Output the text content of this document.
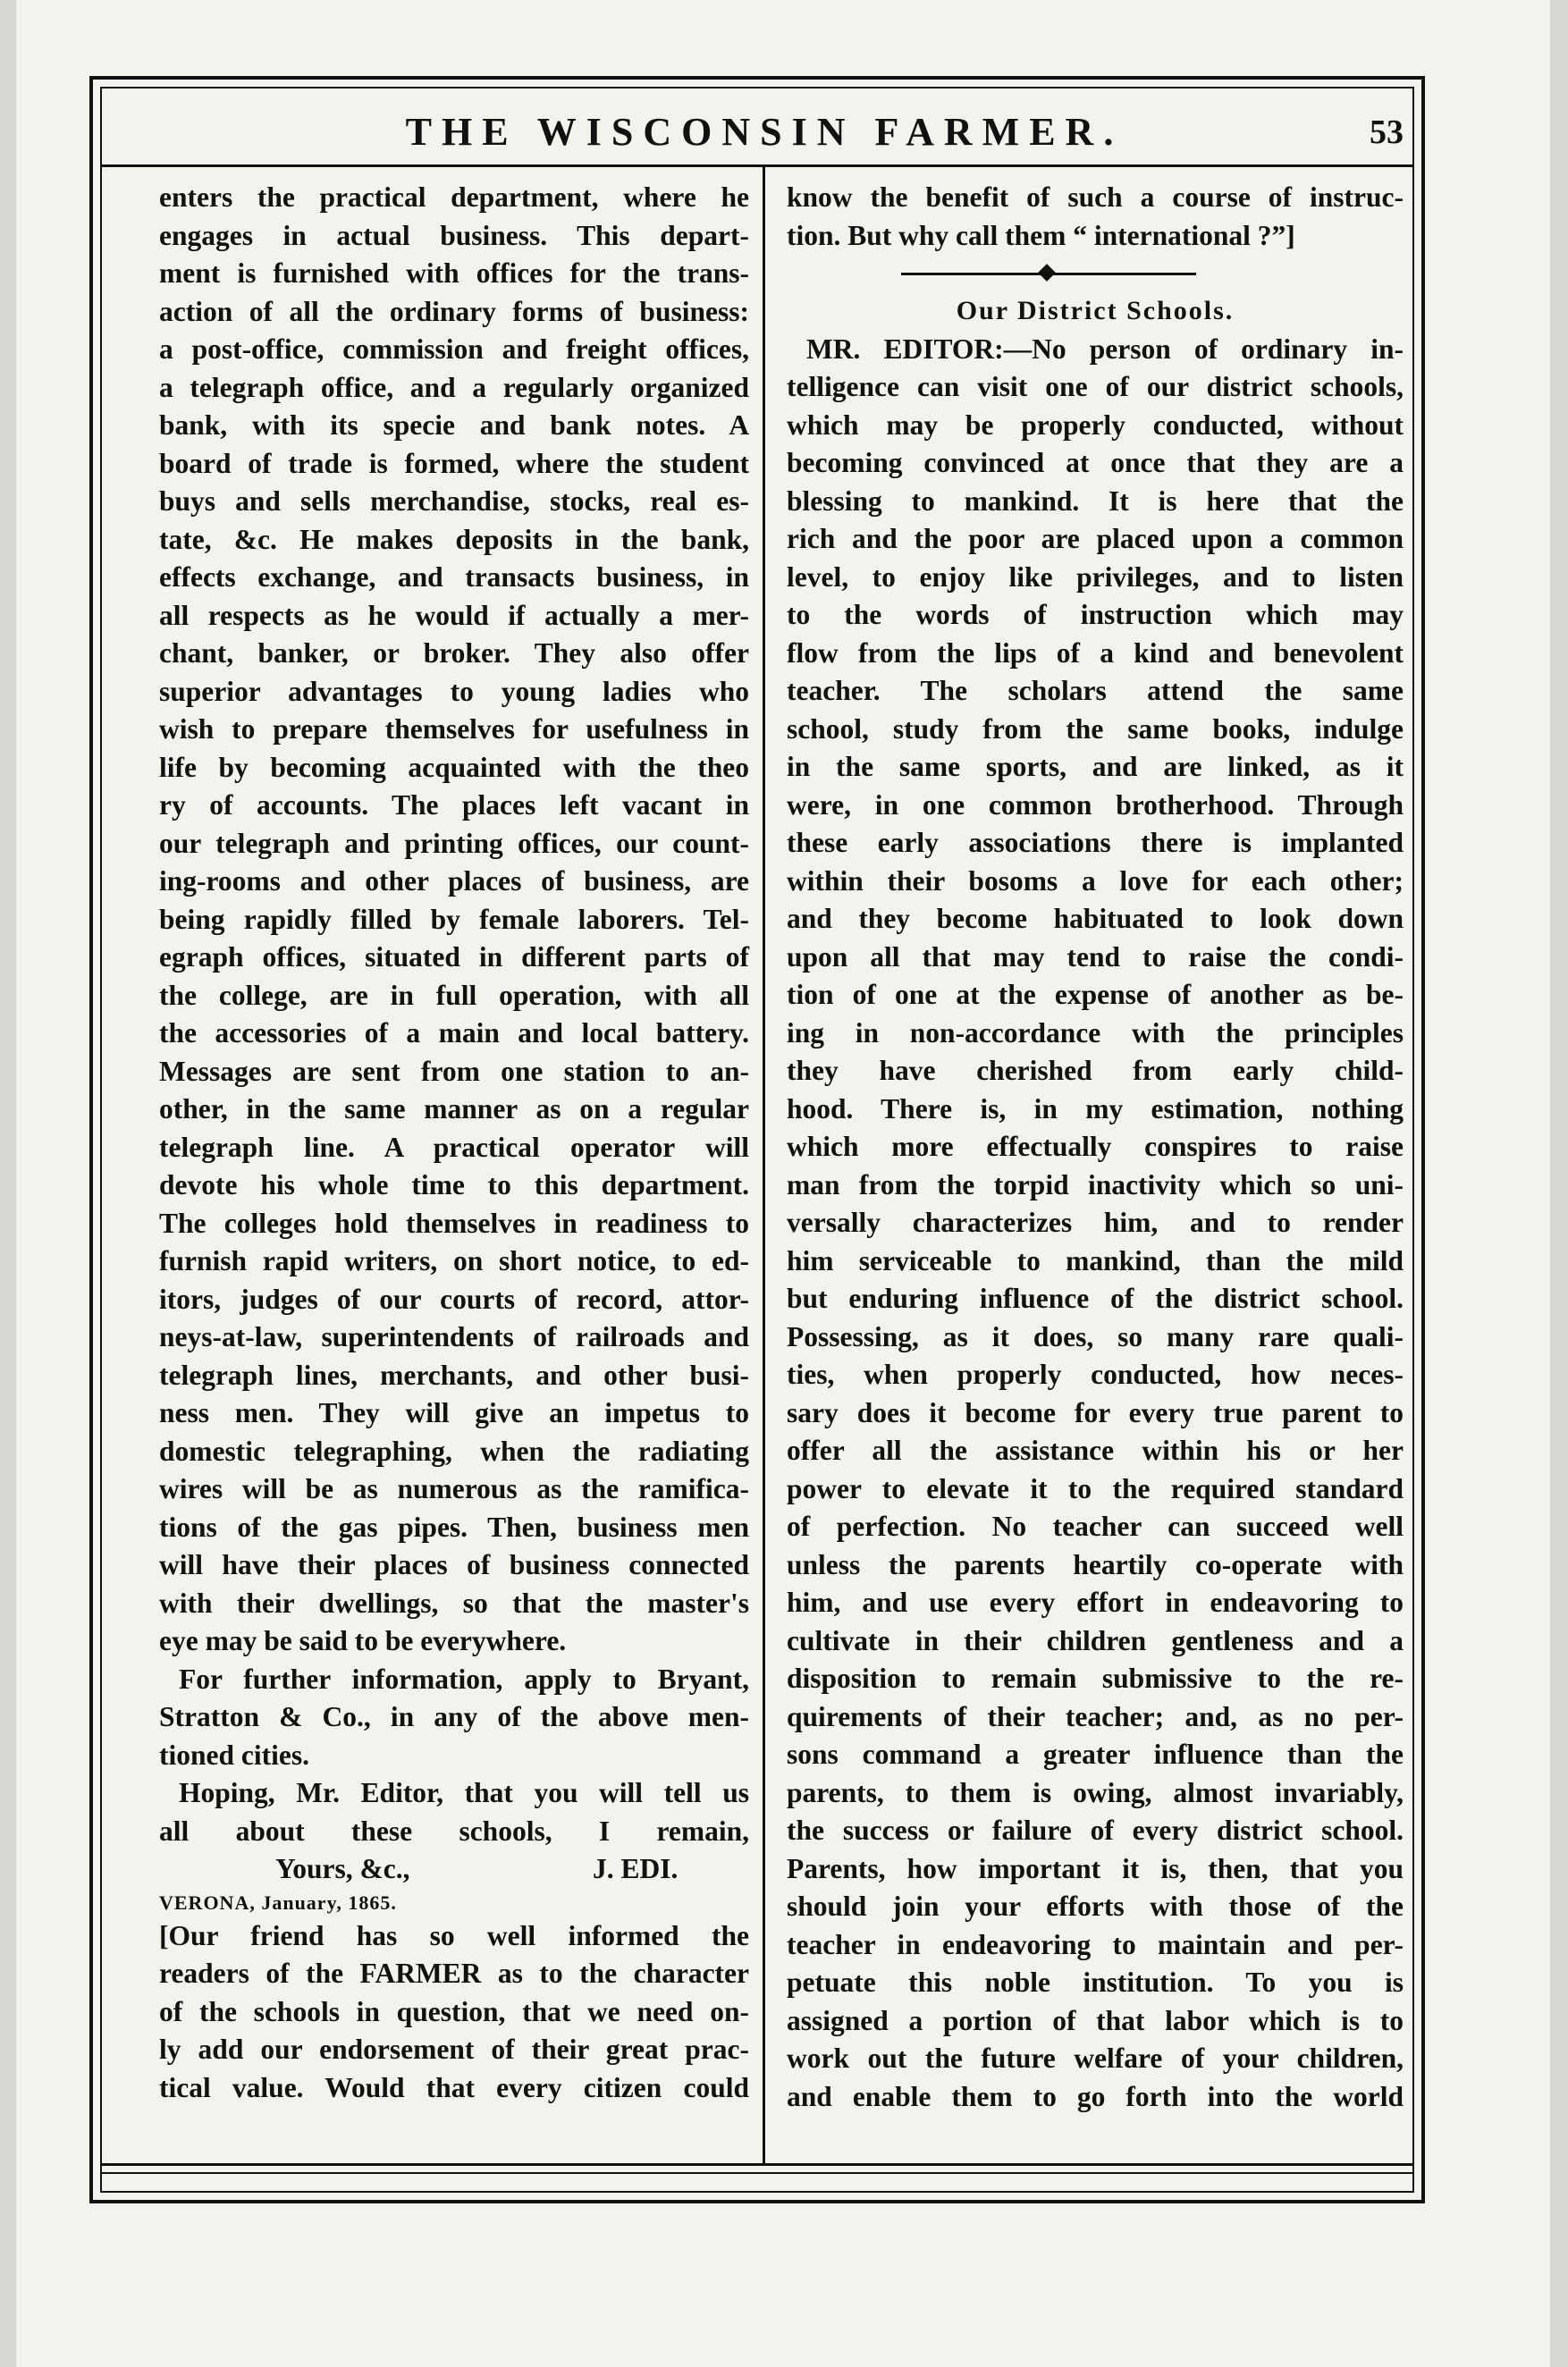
THE WISCONSIN FARMER.	53
enters the practical department, where he
engages in actual business. This depart-
ment is furnished with offices for the trans-
action of all the ordinary forms of business:
a post-office, commission and freight offices,
a telegraph office, and a regularly organized
bank, with its specie and bank notes. A
board of trade is formed, where the student
buys and sells merchandise, stocks, real es-
tate, &c. He makes deposits in the bank,
effects exchange, and transacts business, in
all respects as he would if actually a mer-
chant, banker, or broker. They also offer
superior advantages to young ladies who
wish to prepare themselves for usefulness in
life by becoming acquainted with the theo
ry of accounts. The places left vacant in
our telegraph and printing offices, our count-
ing-rooms and other places of business, are
being rapidly filled by female laborers. Tel-
egraph offices, situated in different parts of
the college, are in full operation, with all
the accessories of a main and local battery.
Messages are sent from one station to an-
other, in the same manner as on a regular
telegraph line. A practical operator will
devote his whole time to this department.
The colleges hold themselves in readiness to
furnish rapid writers, on short notice, to ed-
itors, judges of our courts of record, attor-
neys-at-law, superintendents of railroads and
telegraph lines, merchants, and other busi-
ness men. They will give an impetus to
domestic telegraphing, when the radiating
wires will be as numerous as the ramifica-
tions of the gas pipes. Then, business men
will have their places of business connected
with their dwellings, so that the master's
eye may be said to be everywhere.
For further information, apply to Bryant,
Stratton & Co., in any of the above men-
tioned cities.
Hoping, Mr. Editor, that you will tell us
all about these schools, I remain,
Yours, &c.,	J. EDI.
VERONA, January, 1865.
[Our friend has so well informed the
readers of the FARMER as to the character
of the schools in question, that we need on-
ly add our endorsement of their great prac-
tical value. Would that every citizen could
know the benefit of such a course of instruc-
tion. But why call them “ international ?”]
Our District Schools.
MR. EDITOR:—No person of ordinary in-
telligence can visit one of our district schools,
which may be properly conducted, without
becoming convinced at once that they are a
blessing to mankind. It is here that the
rich and the poor are placed upon a common
level, to enjoy like privileges, and to listen
to the words of instruction which may
flow from the lips of a kind and benevolent
teacher. The scholars attend the same
school, study from the same books, indulge
in the same sports, and are linked, as it
were, in one common brotherhood. Through
these early associations there is implanted
within their bosoms a love for each other;
and they become habituated to look down
upon all that may tend to raise the condi-
tion of one at the expense of another as be-
ing in non-accordance with the principles
they have cherished from early child-
hood. There is, in my estimation, nothing
which more effectually conspires to raise
man from the torpid inactivity which so uni-
versally characterizes him, and to render
him serviceable to mankind, than the mild
but enduring influence of the district school.
Possessing, as it does, so many rare quali-
ties, when properly conducted, how neces-
sary does it become for every true parent to
offer all the assistance within his or her
power to elevate it to the required standard
of perfection. No teacher can succeed well
unless the parents heartily co-operate with
him, and use every effort in endeavoring to
cultivate in their children gentleness and a
disposition to remain submissive to the re-
quirements of their teacher; and, as no per-
sons command a greater influence than the
parents, to them is owing, almost invariably,
the success or failure of every district school.
Parents, how important it is, then, that you
should join your efforts with those of the
teacher in endeavoring to maintain and per-
petuate this noble institution. To you is
assigned a portion of that labor which is to
work out the future welfare of your children,
and enable them to go forth into the world
